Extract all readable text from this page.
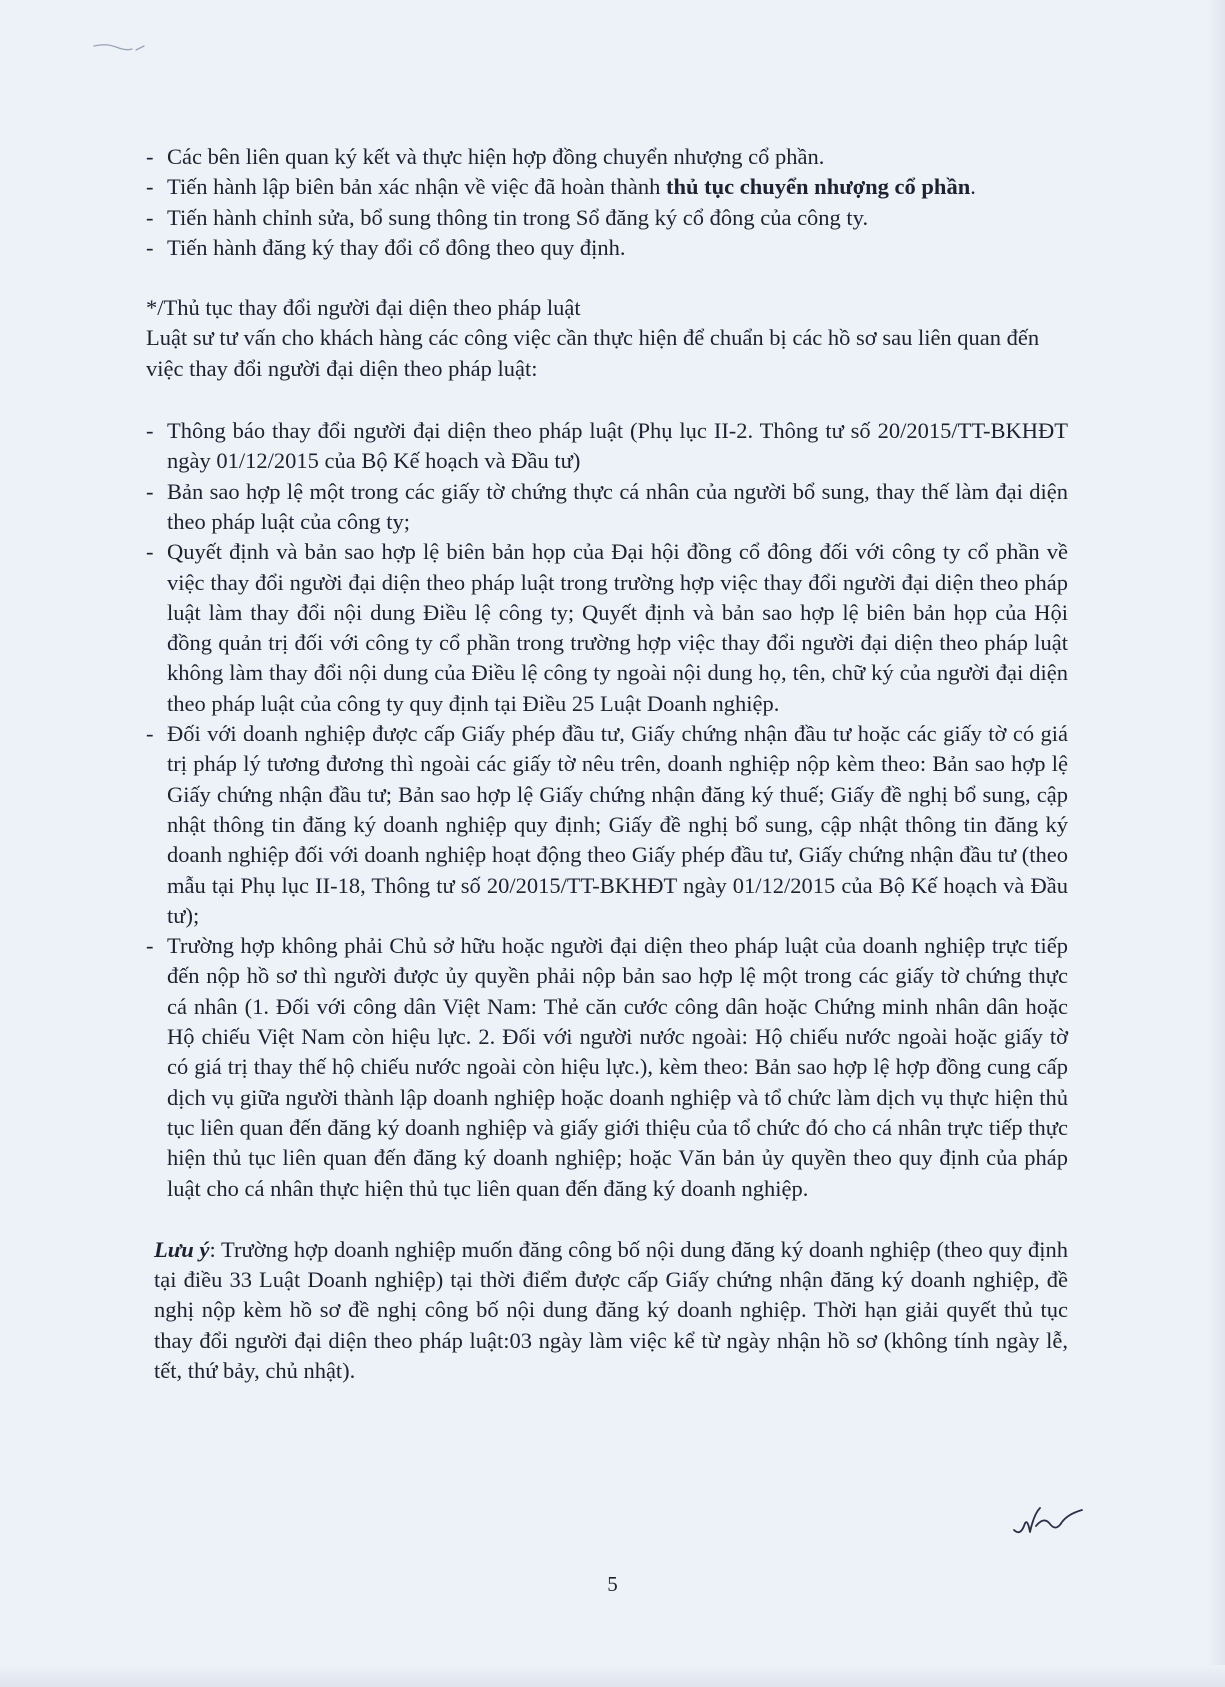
- Các bên liên quan ký kết và thực hiện hợp đồng chuyển nhượng cổ phần.

- Tiến hành lập biên bản xác nhận về việc đã hoàn thành thủ tục chuyển nhượng cổ phần.

- Tiến hành chỉnh sửa, bổ sung thông tin trong Sổ đăng ký cổ đông của công ty.

- Tiến hành đăng ký thay đổi cổ đông theo quy định.

*/Thủ tục thay đổi người đại diện theo pháp luật

Luật sư tư vấn cho khách hàng các công việc cần thực hiện để chuẩn bị các hồ sơ sau liên quan đến việc thay đổi người đại diện theo pháp luật:

- Thông báo thay đổi người đại diện theo pháp luật (Phụ lục II-2. Thông tư số 20/2015/TT-BKHĐT ngày 01/12/2015 của Bộ Kế hoạch và Đầu tư)

- Bản sao hợp lệ một trong các giấy tờ chứng thực cá nhân của người bổ sung, thay thế làm đại diện theo pháp luật của công ty;

- Quyết định và bản sao hợp lệ biên bản họp của Đại hội đồng cổ đông đối với công ty cổ phần về việc thay đổi người đại diện theo pháp luật trong trường hợp việc thay đổi người đại diện theo pháp luật làm thay đổi nội dung Điều lệ công ty; Quyết định và bản sao hợp lệ biên bản họp của Hội đồng quản trị đối với công ty cổ phần trong trường hợp việc thay đổi người đại diện theo pháp luật không làm thay đổi nội dung của Điều lệ công ty ngoài nội dung họ, tên, chữ ký của người đại diện theo pháp luật của công ty quy định tại Điều 25 Luật Doanh nghiệp.

- Đối với doanh nghiệp được cấp Giấy phép đầu tư, Giấy chứng nhận đầu tư hoặc các giấy tờ có giá trị pháp lý tương đương thì ngoài các giấy tờ nêu trên, doanh nghiệp nộp kèm theo: Bản sao hợp lệ Giấy chứng nhận đầu tư; Bản sao hợp lệ Giấy chứng nhận đăng ký thuế; Giấy đề nghị bổ sung, cập nhật thông tin đăng ký doanh nghiệp quy định; Giấy đề nghị bổ sung, cập nhật thông tin đăng ký doanh nghiệp đối với doanh nghiệp hoạt động theo Giấy phép đầu tư, Giấy chứng nhận đầu tư (theo mẫu tại Phụ lục II-18, Thông tư số 20/2015/TT-BKHĐT ngày 01/12/2015 của Bộ Kế hoạch và Đầu tư);

- Trường hợp không phải Chủ sở hữu hoặc người đại diện theo pháp luật của doanh nghiệp trực tiếp đến nộp hồ sơ thì người được ủy quyền phải nộp bản sao hợp lệ một trong các giấy tờ chứng thực cá nhân (1. Đối với công dân Việt Nam: Thẻ căn cước công dân hoặc Chứng minh nhân dân hoặc Hộ chiếu Việt Nam còn hiệu lực. 2. Đối với người nước ngoài: Hộ chiếu nước ngoài hoặc giấy tờ có giá trị thay thế hộ chiếu nước ngoài còn hiệu lực.), kèm theo: Bản sao hợp lệ hợp đồng cung cấp dịch vụ giữa người thành lập doanh nghiệp hoặc doanh nghiệp và tổ chức làm dịch vụ thực hiện thủ tục liên quan đến đăng ký doanh nghiệp và giấy giới thiệu của tổ chức đó cho cá nhân trực tiếp thực hiện thủ tục liên quan đến đăng ký doanh nghiệp; hoặc Văn bản ủy quyền theo quy định của pháp luật cho cá nhân thực hiện thủ tục liên quan đến đăng ký doanh nghiệp.

Lưu ý: Trường hợp doanh nghiệp muốn đăng công bố nội dung đăng ký doanh nghiệp (theo quy định tại điều 33 Luật Doanh nghiệp) tại thời điểm được cấp Giấy chứng nhận đăng ký doanh nghiệp, đề nghị nộp kèm hồ sơ đề nghị công bố nội dung đăng ký doanh nghiệp. Thời hạn giải quyết thủ tục thay đổi người đại diện theo pháp luật:03 ngày làm việc kể từ ngày nhận hồ sơ (không tính ngày lễ, tết, thứ bảy, chủ nhật).

5
